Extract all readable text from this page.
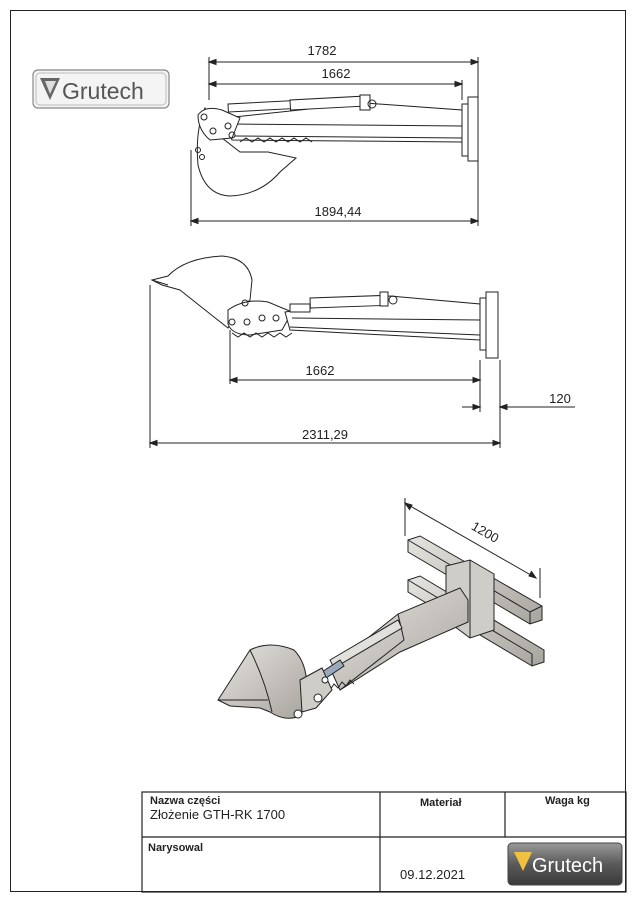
Grutech
1782
1662
1894,44
1662
120
2311,29
1200
Grutech
Nazwa części
Złożenie GTH-RK 1700
Materiał	Waga kg
Narysowal
09.12.2021
